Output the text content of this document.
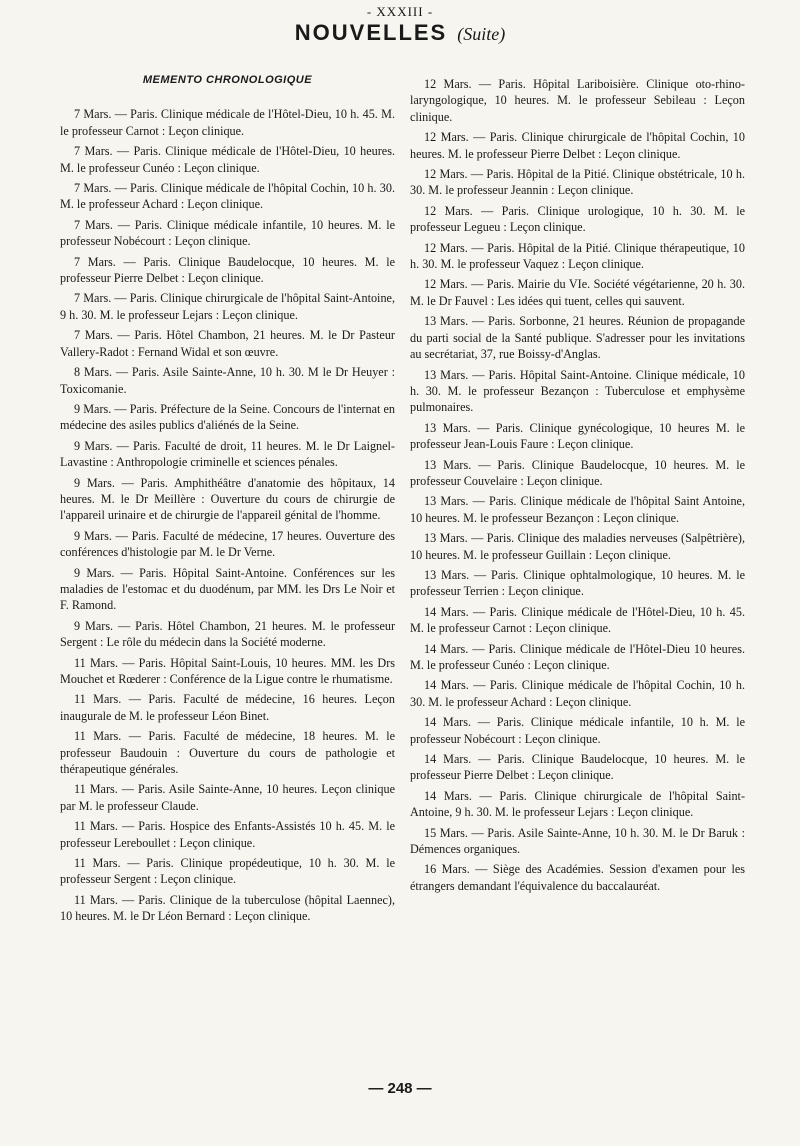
- XXXIII -
NOUVELLES (Suite)
MEMENTO CHRONOLOGIQUE

7 Mars. — Paris. Clinique médicale de l'Hôtel-Dieu, 10 h. 45. M. le professeur Carnot : Leçon clinique.

7 Mars. — Paris. Clinique médicale de l'Hôtel-Dieu, 10 heures. M. le professeur Cunéo : Leçon clinique.

7 Mars. — Paris. Clinique médicale de l'hôpital Cochin, 10 h. 30. M. le professeur Achard : Leçon clinique.

7 Mars. — Paris. Clinique médicale infantile, 10 heures. M. le professeur Nobécourt : Leçon clinique.

7 Mars. — Paris. Clinique Baudelocque, 10 heures. M. le professeur Pierre Delbet : Leçon clinique.

7 Mars. — Paris. Clinique chirurgicale de l'hôpital Saint-Antoine, 9 h. 30. M. le professeur Lejars : Leçon clinique.

7 Mars. — Paris. Hôtel Chambon, 21 heures. M. le Dr Pasteur Vallery-Radot : Fernand Widal et son œuvre.

8 Mars. — Paris. Asile Sainte-Anne, 10 h. 30. M le Dr Heuyer : Toxicomanie.

9 Mars. — Paris. Préfecture de la Seine. Concours de l'internat en médecine des asiles publics d'aliénés de la Seine.

9 Mars. — Paris. Faculté de droit, 11 heures. M. le Dr Laignel-Lavastine : Anthropologie criminelle et sciences pénales.

9 Mars. — Paris. Amphithéâtre d'anatomie des hôpitaux, 14 heures. M. le Dr Meillère : Ouverture du cours de chirurgie de l'appareil urinaire et de chirurgie de l'appareil génital de l'homme.

9 Mars. — Paris. Faculté de médecine, 17 heures. Ouverture des conférences d'histologie par M. le Dr Verne.

9 Mars. — Paris. Hôpital Saint-Antoine. Conférences sur les maladies de l'estomac et du duodénum, par MM. les Drs Le Noir et F. Ramond.

9 Mars. — Paris. Hôtel Chambon, 21 heures. M. le professeur Sergent : Le rôle du médecin dans la Société moderne.

11 Mars. — Paris. Hôpital Saint-Louis, 10 heures. MM. les Drs Mouchet et Rœderer : Conférence de la Ligue contre le rhumatisme.

11 Mars. — Paris. Faculté de médecine, 16 heures. Leçon inaugurale de M. le professeur Léon Binet.

11 Mars. — Paris. Faculté de médecine, 18 heures. M. le professeur Baudouin : Ouverture du cours de pathologie et thérapeutique générales.

11 Mars. — Paris. Asile Sainte-Anne, 10 heures. Leçon clinique par M. le professeur Claude.

11 Mars. — Paris. Hospice des Enfants-Assistés 10 h. 45. M. le professeur Lereboullet : Leçon clinique.

11 Mars. — Paris. Clinique propédeutique, 10 h. 30. M. le professeur Sergent : Leçon clinique.

11 Mars. — Paris. Clinique de la tuberculose (hôpital Laennec), 10 heures. M. le Dr Léon Bernard : Leçon clinique.

12 Mars. — Paris. Hôpital Lariboisière. Clinique oto-rhino-laryngologique, 10 heures. M. le professeur Sebileau : Leçon clinique.

12 Mars. — Paris. Clinique chirurgicale de l'hôpital Cochin, 10 heures. M. le professeur Pierre Delbet : Leçon clinique.

12 Mars. — Paris. Hôpital de la Pitié. Clinique obstétricale, 10 h. 30. M. le professeur Jeannin : Leçon clinique.

12 Mars. — Paris. Clinique urologique, 10 h. 30. M. le professeur Legueu : Leçon clinique.

12 Mars. — Paris. Hôpital de la Pitié. Clinique thérapeutique, 10 h. 30. M. le professeur Vaquez : Leçon clinique.

12 Mars. — Paris. Mairie du VIe. Société végétarienne, 20 h. 30. M. le Dr Fauvel : Les idées qui tuent, celles qui sauvent.

13 Mars. — Paris. Sorbonne, 21 heures. Réunion de propagande du parti social de la Santé publique. S'adresser pour les invitations au secrétariat, 37, rue Boissy-d'Anglas.

13 Mars. — Paris. Hôpital Saint-Antoine. Clinique médicale, 10 h. 30. M. le professeur Bezançon : Tuberculose et emphysème pulmonaires.

13 Mars. — Paris. Clinique gynécologique, 10 heures M. le professeur Jean-Louis Faure : Leçon clinique.

13 Mars. — Paris. Clinique Baudelocque, 10 heures. M. le professeur Couvelaire : Leçon clinique.

13 Mars. — Paris. Clinique médicale de l'hôpital Saint Antoine, 10 heures. M. le professeur Bezançon : Leçon clinique.

13 Mars. — Paris. Clinique des maladies nerveuses (Salpêtrière), 10 heures. M. le professeur Guillain : Leçon clinique.

13 Mars. — Paris. Clinique ophtalmologique, 10 heures. M. le professeur Terrien : Leçon clinique.

14 Mars. — Paris. Clinique médicale de l'Hôtel-Dieu, 10 h. 45. M. le professeur Carnot : Leçon clinique.

14 Mars. — Paris. Clinique médicale de l'Hôtel-Dieu 10 heures. M. le professeur Cunéo : Leçon clinique.

14 Mars. — Paris. Clinique médicale de l'hôpital Cochin, 10 h. 30. M. le professeur Achard : Leçon clinique.

14 Mars. — Paris. Clinique médicale infantile, 10 h. M. le professeur Nobécourt : Leçon clinique.

14 Mars. — Paris. Clinique Baudelocque, 10 heures. M. le professeur Pierre Delbet : Leçon clinique.

14 Mars. — Paris. Clinique chirurgicale de l'hôpital Saint-Antoine, 9 h. 30. M. le professeur Lejars : Leçon clinique.

15 Mars. — Paris. Asile Sainte-Anne, 10 h. 30. M. le Dr Baruk : Démences organiques.

16 Mars. — Siège des Académies. Session d'examen pour les étrangers demandant l'équivalence du baccalauréat.

— 248 —
